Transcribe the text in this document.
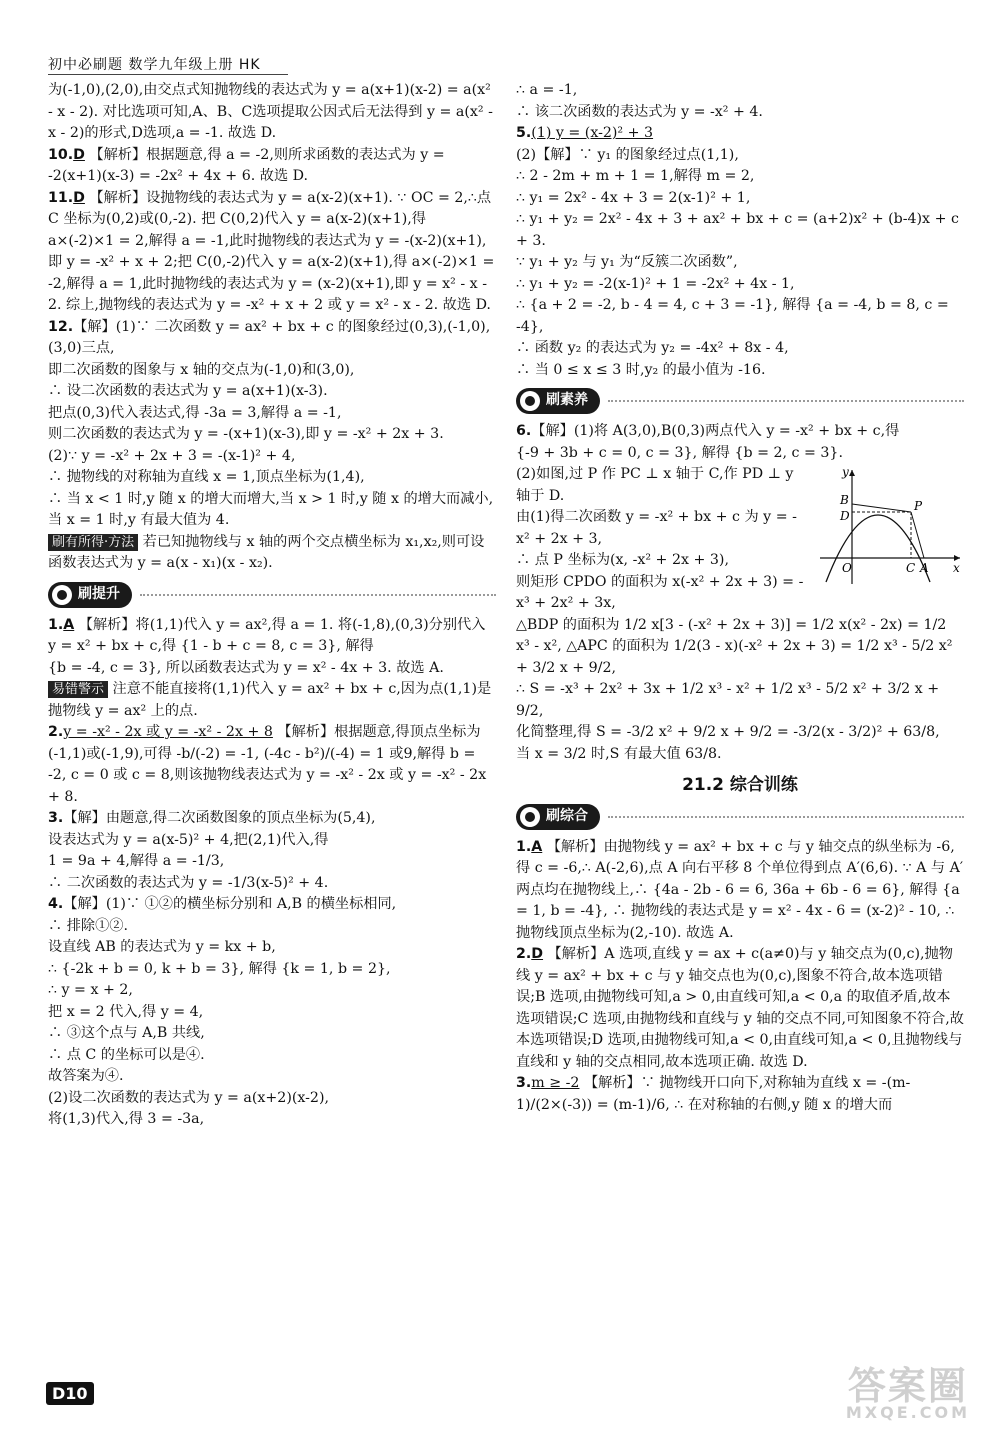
初中必刷题 数学九年级上册 HK

为(-1,0),(2,0),由交点式知抛物线的表达式为 y = a(x+1)(x-2) = a(x² - x - 2). 对比选项可知,A、B、C选项提取公因式后无法得到 y = a(x² - x - 2)的形式,D选项,a = -1. 故选 D.

10.D 【解析】根据题意,得 a = -2,则所求函数的表达式为 y = -2(x+1)(x-3) = -2x² + 4x + 6. 故选 D.

11.D 【解析】设抛物线的表达式为 y = a(x-2)(x+1). ∵ OC = 2,∴点 C 坐标为(0,2)或(0,-2). 把 C(0,2)代入 y = a(x-2)(x+1),得 a×(-2)×1 = 2,解得 a = -1,此时抛物线的表达式为 y = -(x-2)(x+1),即 y = -x² + x + 2;把 C(0,-2)代入 y = a(x-2)(x+1),得 a×(-2)×1 = -2,解得 a = 1,此时抛物线的表达式为 y = (x-2)(x+1),即 y = x² - x - 2. 综上,抛物线的表达式为 y = -x² + x + 2 或 y = x² - x - 2. 故选 D.

12.【解】(1)∵ 二次函数 y = ax² + bx + c 的图象经过(0,3),(-1,0),(3,0)三点,

即二次函数的图象与 x 轴的交点为(-1,0)和(3,0),

∴ 设二次函数的表达式为 y = a(x+1)(x-3).

把点(0,3)代入表达式,得 -3a = 3,解得 a = -1,

则二次函数的表达式为 y = -(x+1)(x-3),即 y = -x² + 2x + 3.

(2)∵ y = -x² + 2x + 3 = -(x-1)² + 4,

∴ 抛物线的对称轴为直线 x = 1,顶点坐标为(1,4),

∴ 当 x < 1 时,y 随 x 的增大而增大,当 x > 1 时,y 随 x 的增大而减小,当 x = 1 时,y 有最大值为 4.

刷有所得·方法 若已知抛物线与 x 轴的两个交点横坐标为 x₁,x₂,则可设函数表达式为 y = a(x - x₁)(x - x₂).

刷提升
1.A 【解析】将(1,1)代入 y = ax²,得 a = 1. 将(-1,8),(0,3)分别代入 y = x² + bx + c,得 {1 - b + c = 8, c = 3}, 解得

{b = -4, c = 3}, 所以函数表达式为 y = x² - 4x + 3. 故选 A.

易错警示 注意不能直接将(1,1)代入 y = ax² + bx + c,因为点(1,1)是抛物线 y = ax² 上的点.

2.y = -x² - 2x 或 y = -x² - 2x + 8 【解析】根据题意,得顶点坐标为(-1,1)或(-1,9),可得 -b/(-2) = -1, (-4c - b²)/(-4) = 1 或9,解得 b = -2, c = 0 或 c = 8,则该抛物线表达式为 y = -x² - 2x 或 y = -x² - 2x + 8.

3.【解】由题意,得二次函数图象的顶点坐标为(5,4),

设表达式为 y = a(x-5)² + 4,把(2,1)代入,得

1 = 9a + 4,解得 a = -1/3,

∴ 二次函数的表达式为 y = -1/3(x-5)² + 4.

4.【解】(1)∵ ①②的横坐标分别和 A,B 的横坐标相同,

∴ 排除①②.

设直线 AB 的表达式为 y = kx + b,

∴ {-2k + b = 0, k + b = 3}, 解得 {k = 1, b = 2},

∴ y = x + 2,

把 x = 2 代入,得 y = 4,

∴ ③这个点与 A,B 共线,

∴ 点 C 的坐标可以是④.

故答案为④.

(2)设二次函数的表达式为 y = a(x+2)(x-2),

将(1,3)代入,得 3 = -3a,

∴ a = -1,

∴ 该二次函数的表达式为 y = -x² + 4.

5.(1) y = (x-2)² + 3

(2)【解】∵ y₁ 的图象经过点(1,1),

∴ 2 - 2m + m + 1 = 1,解得 m = 2,

∴ y₁ = 2x² - 4x + 3 = 2(x-1)² + 1,

∴ y₁ + y₂ = 2x² - 4x + 3 + ax² + bx + c = (a+2)x² + (b-4)x + c + 3.

∵ y₁ + y₂ 与 y₁ 为“反簇二次函数”,

∴ y₁ + y₂ = -2(x-1)² + 1 = -2x² + 4x - 1,

∴ {a + 2 = -2, b - 4 = 4, c + 3 = -1}, 解得 {a = -4, b = 8, c = -4},

∴ 函数 y₂ 的表达式为 y₂ = -4x² + 8x - 4,

∴ 当 0 ≤ x ≤ 3 时,y₂ 的最小值为 -16.

刷素养
6.【解】(1)将 A(3,0),B(0,3)两点代入 y = -x² + bx + c,得

{-9 + 3b + c = 0, c = 3}, 解得 {b = 2, c = 3}.

y
x
B
D
P
O	C A

(2)如图,过 P 作 PC ⊥ x 轴于 C,作 PD ⊥ y 轴于 D.

由(1)得二次函数 y = -x² + bx + c 为 y = -x² + 2x + 3,

∴ 点 P 坐标为(x, -x² + 2x + 3),

则矩形 CPDO 的面积为 x(-x² + 2x + 3) = -x³ + 2x² + 3x,

△BDP 的面积为 1/2 x[3 - (-x² + 2x + 3)] = 1/2 x(x² - 2x) = 1/2 x³ - x², △APC 的面积为 1/2(3 - x)(-x² + 2x + 3) = 1/2 x³ - 5/2 x² + 3/2 x + 9/2,

∴ S = -x³ + 2x² + 3x + 1/2 x³ - x² + 1/2 x³ - 5/2 x² + 3/2 x + 9/2,

化简整理,得 S = -3/2 x² + 9/2 x + 9/2 = -3/2(x - 3/2)² + 63/8,

当 x = 3/2 时,S 有最大值 63/8.

21.2 综合训练
刷综合

1.A 【解析】由抛物线 y = ax² + bx + c 与 y 轴交点的纵坐标为 -6,得 c = -6,∴ A(-2,6),点 A 向右平移 8 个单位得到点 A′(6,6). ∵ A 与 A′两点均在抛物线上,∴ {4a - 2b - 6 = 6, 36a + 6b - 6 = 6}, 解得 {a = 1, b = -4}, ∴ 抛物线的表达式是 y = x² - 4x - 6 = (x-2)² - 10, ∴ 抛物线顶点坐标为(2,-10). 故选 A.

2.D 【解析】A 选项,直线 y = ax + c(a≠0)与 y 轴交点为(0,c),抛物线 y = ax² + bx + c 与 y 轴交点也为(0,c),图象不符合,故本选项错误;B 选项,由抛物线可知,a > 0,由直线可知,a < 0,a 的取值矛盾,故本选项错误;C 选项,由抛物线和直线与 y 轴的交点不同,可知图象不符合,故本选项错误;D 选项,由抛物线可知,a < 0,由直线可知,a < 0,且抛物线与直线和 y 轴的交点相同,故本选项正确. 故选 D.

3.m ≥ -2 【解析】∵ 抛物线开口向下,对称轴为直线 x = -(m-1)/(2×(-3)) = (m-1)/6, ∴ 在对称轴的右侧,y 随 x 的增大而

D10	答案圈
MXQE.COM
